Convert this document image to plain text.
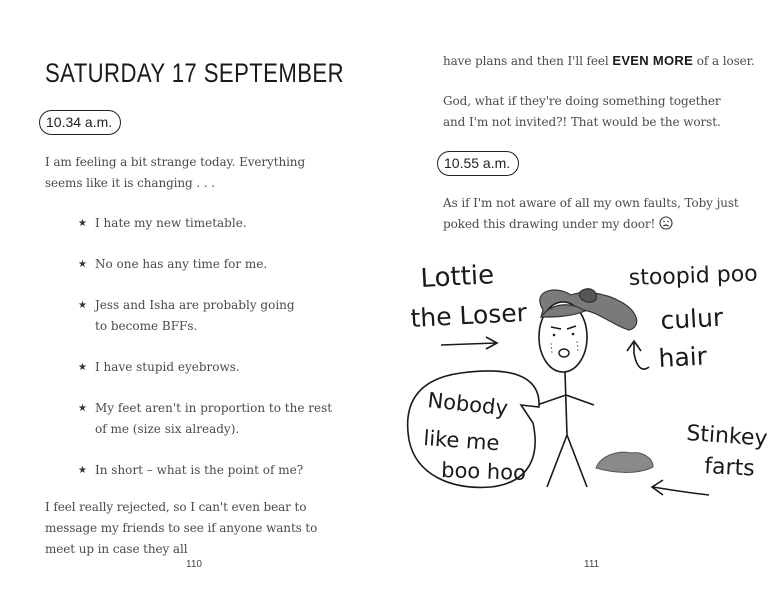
SATURDAY 17 SEPTEMBER
10.34 a.m.

I am feeling a bit strange today. Everything seems like it is changing . . .

★ I hate my new timetable.
★ No one has any time for me.
★ Jess and Isha are probably going to become BFFs.
★ I have stupid eyebrows.
★ My feet aren't in proportion to the rest of me (size six already).
★ In short – what is the point of me?

I feel really rejected, so I can't even bear to message my friends to see if anyone wants to meet up in case they all

110

have plans and then I'll feel EVEN MORE of a loser.

God, what if they're doing something together and I'm not invited?! That would be the worst.

10.55 a.m.

As if I'm not aware of all my own faults, Toby just poked this drawing under my door!

111
Lottie
the Loser
stoopid poo
culur
hair
Nobody
like me
boo hoo
Stinkey
farts
